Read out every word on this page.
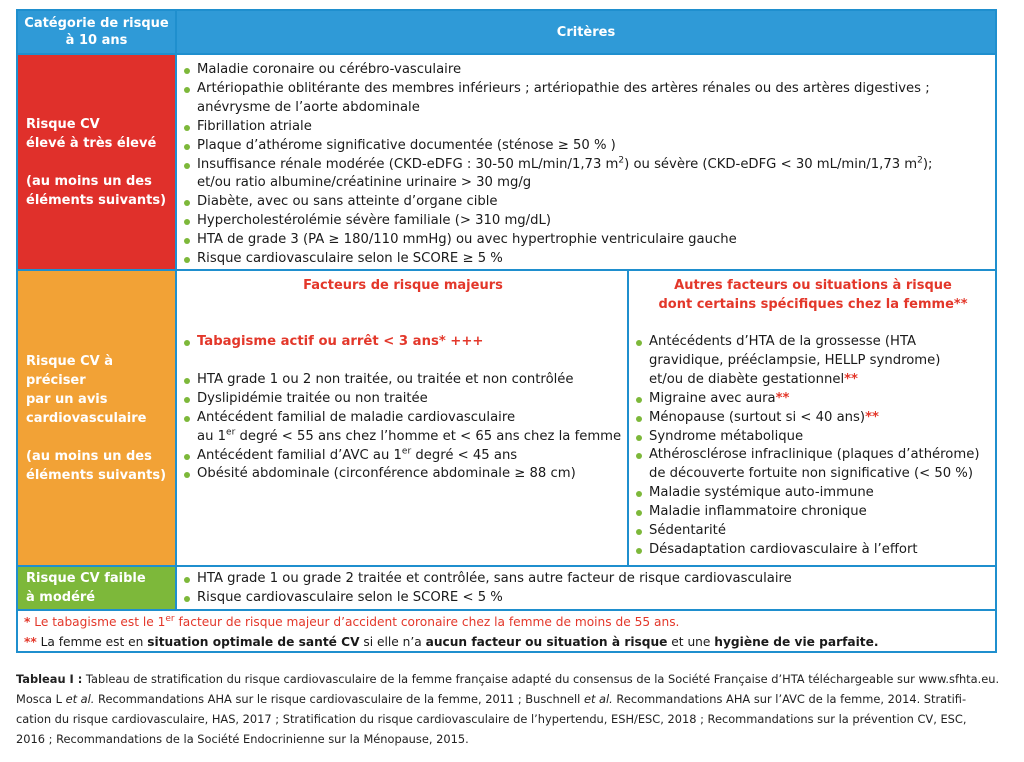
Catégorie de risque
à 10 ans
Critères
Risque CV
élevé à très élevé
(au moins un des
éléments suivants)
Maladie coronaire ou cérébro-vasculaire
Artériopathie oblitérante des membres inférieurs ; artériopathie des artères rénales ou des artères digestives ;
anévrysme de l’aorte abdominale
Fibrillation atriale
Plaque d’athérome significative documentée (sténose ≥ 50 % )
Insuffisance rénale modérée (CKD-eDFG : 30-50 mL/min/1,73 $m^2$) ou sévère (CKD-eDFG < 30 mL/min/1,73 $m^2$);
et/ou ratio albumine/créatinine urinaire > 30 mg/g
Diabète, avec ou sans atteinte d’organe cible
Hypercholestérolémie sévère familiale (> 310 mg/dL)
HTA de grade 3 (PA ≥ 180/110 mmHg) ou avec hypertrophie ventriculaire gauche
Risque cardiovasculaire selon le SCORE ≥ 5 %
Risque CV à préciser
par un avis
cardiovasculaire
(au moins un des
éléments suivants)
Facteurs de risque majeurs
Tabagisme actif ou arrêt < 3 ans* +++
HTA grade 1 ou 2 non traitée, ou traitée et non contrôlée
Dyslipidémie traitée ou non traitée
Antécédent familial de maladie cardiovasculaire
au 1er degré < 55 ans chez l’homme et < 65 ans chez la femme
Antécédent familial d’AVC au 1er degré < 45 ans
Obésité abdominale (circonférence abdominale ≥ 88 cm)
Autres facteurs ou situations à risque
dont certains spécifiques chez la femme**
Antécédents d’HTA de la grossesse (HTA
gravidique, prééclampsie, HELLP syndrome)
et/ou de diabète gestationnel**
Migraine avec aura**
Ménopause (surtout si < 40 ans)**
Syndrome métabolique
Athérosclérose infraclinique (plaques d’athérome)
de découverte fortuite non significative (< 50 %)
Maladie systémique auto-immune
Maladie inflammatoire chronique
Sédentarité
Désadaptation cardiovasculaire à l’effort
Risque CV faible
à modéré
HTA grade 1 ou grade 2 traitée et contrôlée, sans autre facteur de risque cardiovasculaire
Risque cardiovasculaire selon le SCORE < 5 %
* Le tabagisme est le 1er facteur de risque majeur d’accident coronaire chez la femme de moins de 55 ans.
** La femme est en situation optimale de santé CV si elle n’a aucun facteur ou situation à risque et une hygiène de vie parfaite.
Tableau I : Tableau de stratification du risque cardiovasculaire de la femme française adapté du consensus de la Société Française d’HTA téléchargeable sur www.sfhta.eu.
Mosca L et al. Recommandations AHA sur le risque cardiovasculaire de la femme, 2011 ; Buschnell et al. Recommandations AHA sur l’AVC de la femme, 2014. Stratifi-
cation du risque cardiovasculaire, HAS, 2017 ; Stratification du risque cardiovasculaire de l’hypertendu, ESH/ESC, 2018 ; Recommandations sur la prévention CV, ESC,
2016 ; Recommandations de la Société Endocrinienne sur la Ménopause, 2015.
